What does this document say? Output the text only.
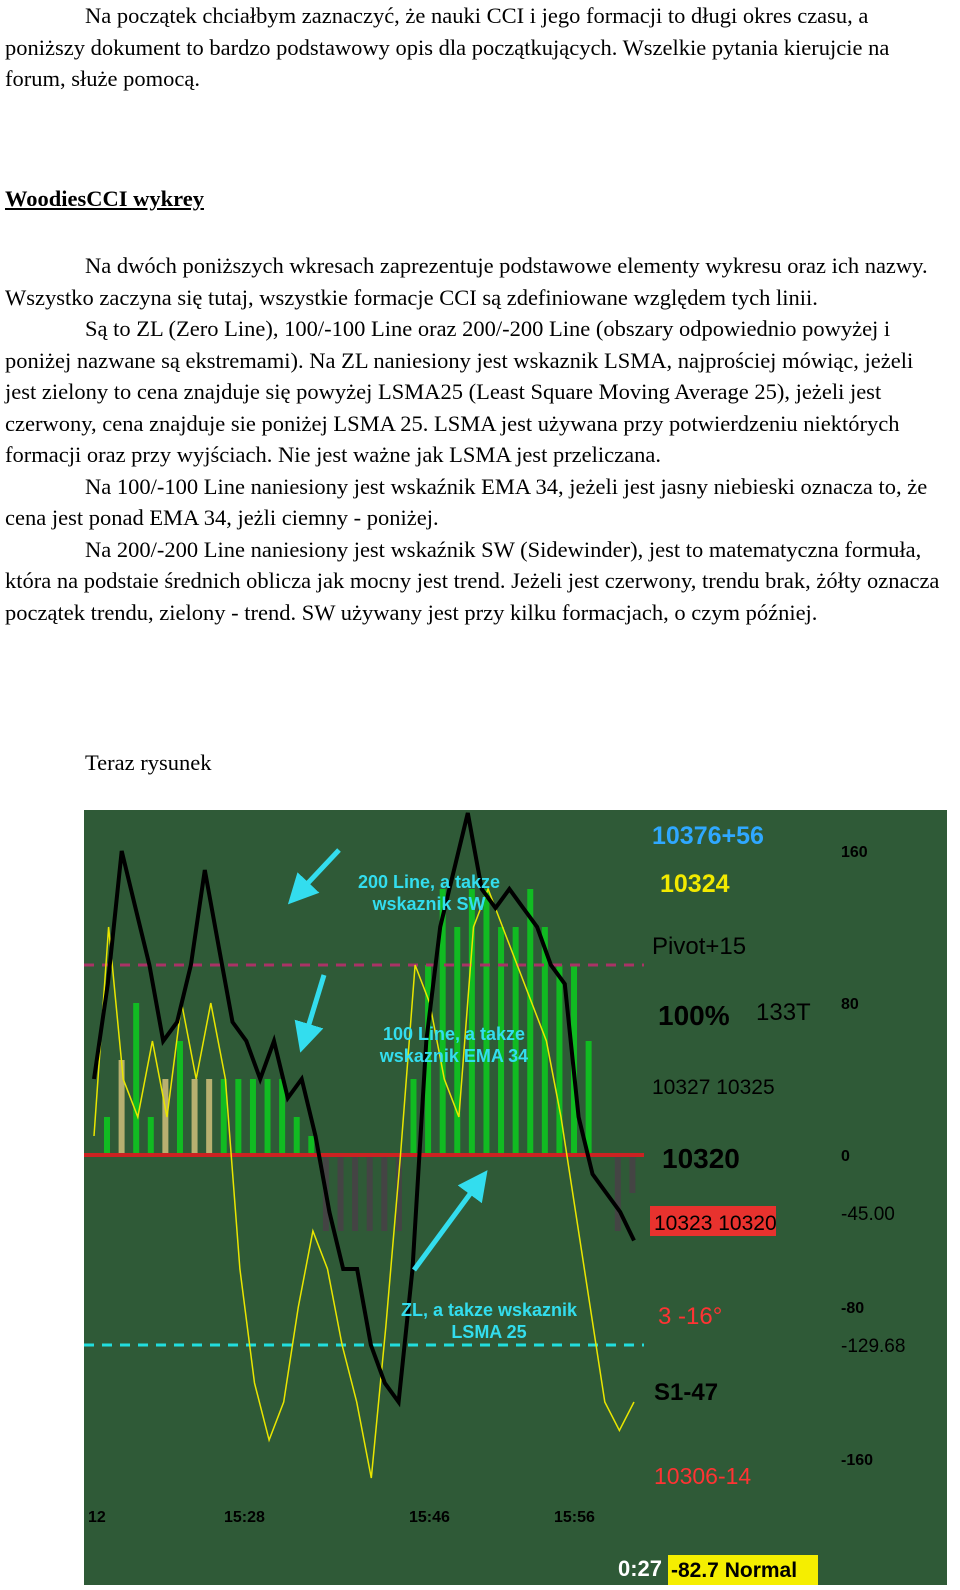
Na początek chciałbym zaznaczyć, że nauki CCI i jego formacji to długi okres czasu, a poniższy dokument to bardzo podstawowy opis dla początkujących. Wszelkie pytania kierujcie na forum, służe pomocą.

WoodiesCCI wykrey

Na dwóch poniższych wkresach zaprezentuje podstawowe elementy wykresu oraz ich nazwy. Wszystko zaczyna się tutaj, wszystkie formacje CCI są zdefiniowane względem tych linii.

Są to ZL (Zero Line), 100/-100 Line oraz 200/-200 Line (obszary odpowiednio powyżej i poniżej nazwane są ekstremami). Na ZL naniesiony jest wskaznik LSMA, najprościej mówiąc, jeżeli jest zielony to cena znajduje się powyżej LSMA25 (Least Square Moving Average 25), jeżeli jest czerwony, cena znajduje sie poniżej LSMA 25. LSMA jest używana przy potwierdzeniu niektórych formacji oraz przy wyjściach. Nie jest ważne jak LSMA jest przeliczana.

Na 100/-100 Line naniesiony jest wskaźnik EMA 34, jeżeli jest jasny niebieski oznacza to, że cena jest ponad EMA 34, jeżli ciemny - poniżej.

Na 200/-200 Line naniesiony jest wskaźnik SW (Sidewinder), jest to matematyczna formuła, która na podstaie średnich oblicza jak mocny jest trend. Jeżeli jest czerwony, trendu brak, żółty oznacza początek trendu, zielony - trend. SW używany jest przy kilku formacjach, o czym później.

Teraz rysunek
200 Line, a takze
wskaznik SW
100 Line, a takze
wskaznik EMA 34
ZL, a takze wskaznik
LSMA 25
10376+56
10324
Pivot+15
100% 133T
10327 10325
10320
10323 10320
3 -16°
S1-47
10306-14
160
80
0
-80
-160
-45.00
-129.68
12	15:28	15:46	15:56
0:27 -82.7 Normal
